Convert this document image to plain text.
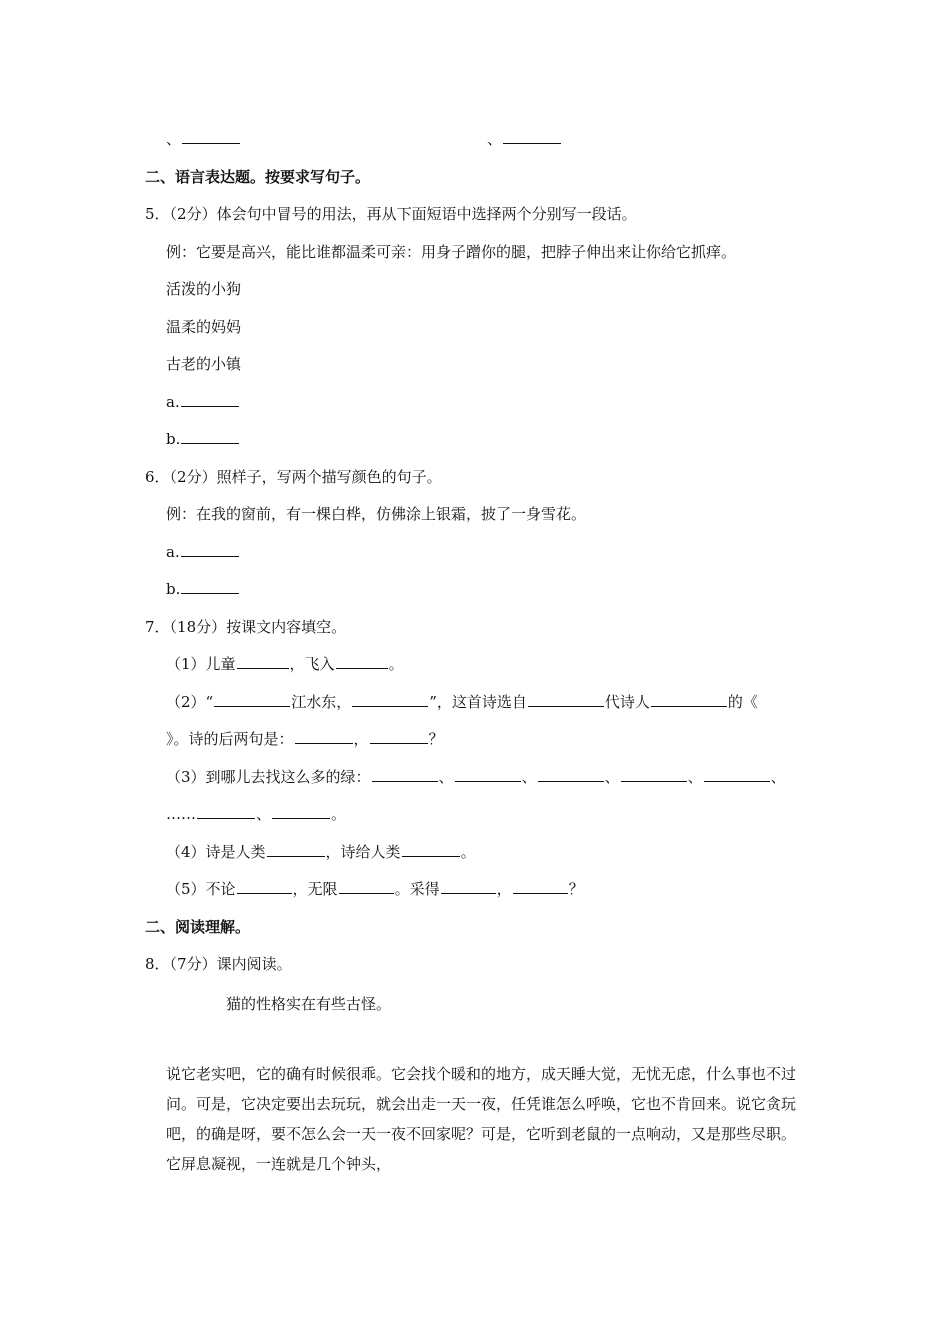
、	、
二、语言表达题。按要求写句子。
5．（2分）体会句中冒号的用法，再从下面短语中选择两个分别写一段话。
例：它要是高兴，能比谁都温柔可亲：用身子蹭你的腿，把脖子伸出来让你给它抓痒。
活泼的小狗
温柔的妈妈
古老的小镇
a.
b.
6．（2分）照样子，写两个描写颜色的句子。
例：在我的窗前，有一棵白桦，仿佛涂上银霜，披了一身雪花。
a.
b.
7．（18分）按课文内容填空。
（1）儿童	，飞入	。
（2）“	江水东，	”，这首诗选自	代诗人	的《
》。诗的后两句是：	，	？
（3）到哪儿去找这么多的绿：	、	、	、	、	、
……	、	。
（4）诗是人类	，诗给人类	。
（5）不论	，无限	。采得	，	？
二、阅读理解。
8．（7分）课内阅读。
猫的性格实在有些古怪。
说它老实吧，它的确有时候很乖。它会找个暖和的地方，成天睡大觉，无忧无虑，什么事也不过问。可是，它决定要出去玩玩，就会出走一天一夜，任凭谁怎么呼唤，它也不肯回来。说它贪玩吧，的确是呀，要不怎么会一天一夜不回家呢？可是，它听到老鼠的一点响动，又是那些尽职。它屏息凝视，一连就是几个钟头，
